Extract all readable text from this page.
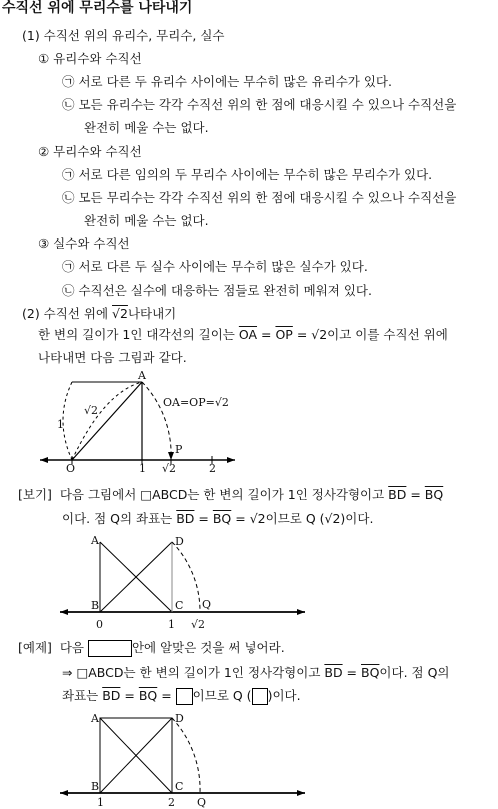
수직선 위에 무리수를 나타내기
(1) 수직선 위의 유리수, 무리수, 실수
① 유리수와 수직선
㉠ 서로 다른 두 유리수 사이에는 무수히 많은 유리수가 있다.
㉡ 모든 유리수는 각각 수직선 위의 한 점에 대응시킬 수 있으나 수직선을
완전히 메울 수는 없다.
② 무리수와 수직선
㉠ 서로 다른 임의의 두 무리수 사이에는 무수히 많은 무리수가 있다.
㉡ 모든 무리수는 각각 수직선 위의 한 점에 대응시킬 수 있으나 수직선을
완전히 메울 수는 없다.
③ 실수와 수직선
㉠ 서로 다른 두 실수 사이에는 무수히 많은 실수가 있다.
㉡ 수직선은 실수에 대응하는 점들로 완전히 메워져 있다.
(2) 수직선 위에 √2나타내기
한 변의 길이가 1인 대각선의 길이는 $\overline{OA} = \overline{OP} = √2$이고 이를 수직선 위에
나타내면 다음 그림과 같다.
A
O
P
1 √2	2
1
√2
OA=OP=√2
[보기] 다음 그림에서 □ABCD는 한 변의 길이가 1인 정사각형이고 $\overline{BD} = \overline{BQ}$
이다. 점 Q의 좌표는 $\overline{BD} = \overline{BQ} = √2$이므로 Q (√2)이다.
A	D
B	C Q
0	1 √2
[예제] 다음	안에 알맞은 것을 써 넣어라.
⇒ □ABCD는 한 변의 길이가 1인 정사각형이고 $\overline{BD} = \overline{BQ}$이다. 점 Q의
좌표는 $\overline{BD} = \overline{BQ}$ = 이므로 Q ( )이다.
A	D
B	C
1	2 Q
